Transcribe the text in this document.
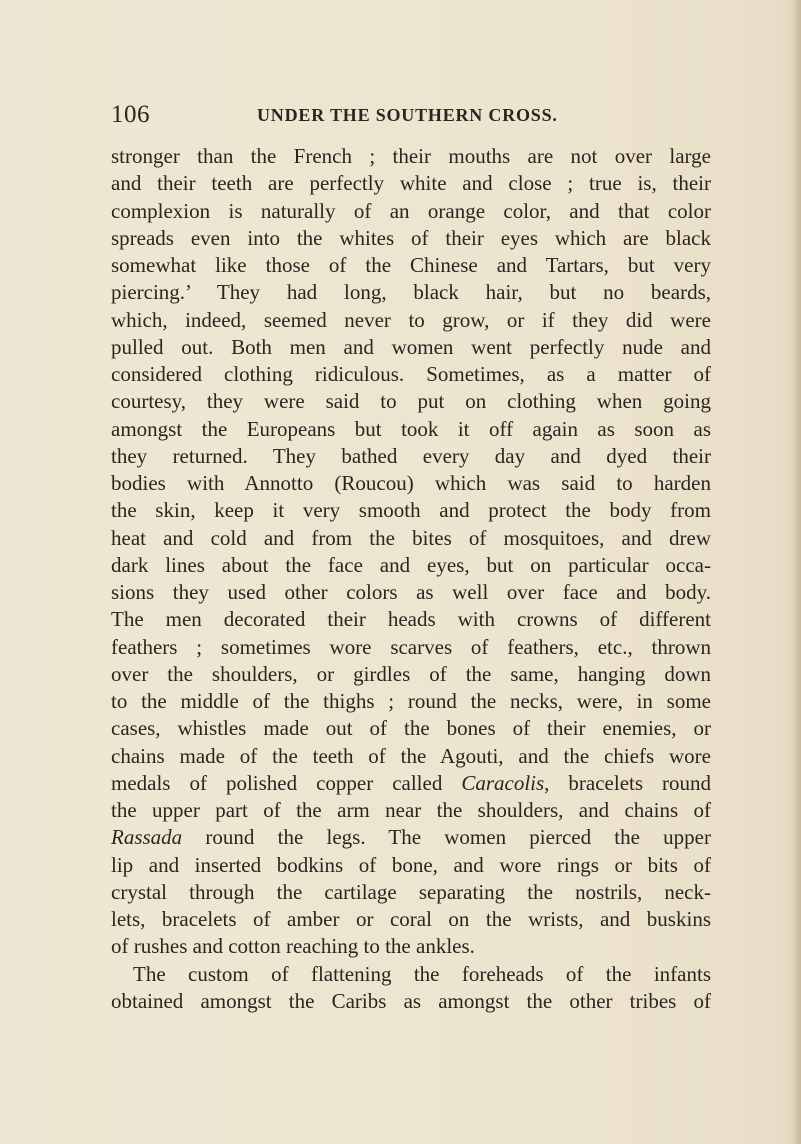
106	UNDER THE SOUTHERN CROSS.
stronger than the French ; their mouths are not over large
and their teeth are perfectly white and close ; true is, their
complexion is naturally of an orange color, and that color
spreads even into the whites of their eyes which are black
somewhat like those of the Chinese and Tartars, but very
piercing.’ They had long, black hair, but no beards,
which, indeed, seemed never to grow, or if they did were
pulled out. Both men and women went perfectly nude and
considered clothing ridiculous. Sometimes, as a matter of
courtesy, they were said to put on clothing when going
amongst the Europeans but took it off again as soon as
they returned. They bathed every day and dyed their
bodies with Annotto (Roucou) which was said to harden
the skin, keep it very smooth and protect the body from
heat and cold and from the bites of mosquitoes, and drew
dark lines about the face and eyes, but on particular occa-
sions they used other colors as well over face and body.
The men decorated their heads with crowns of different
feathers ; sometimes wore scarves of feathers, etc., thrown
over the shoulders, or girdles of the same, hanging down
to the middle of the thighs ; round the necks, were, in some
cases, whistles made out of the bones of their enemies, or
chains made of the teeth of the Agouti, and the chiefs wore
medals of polished copper called Caracolis, bracelets round
the upper part of the arm near the shoulders, and chains of
Rassada round the legs. The women pierced the upper
lip and inserted bodkins of bone, and wore rings or bits of
crystal through the cartilage separating the nostrils, neck-
lets, bracelets of amber or coral on the wrists, and buskins
of rushes and cotton reaching to the ankles.
The custom of flattening the foreheads of the infants
obtained amongst the Caribs as amongst the other tribes of
